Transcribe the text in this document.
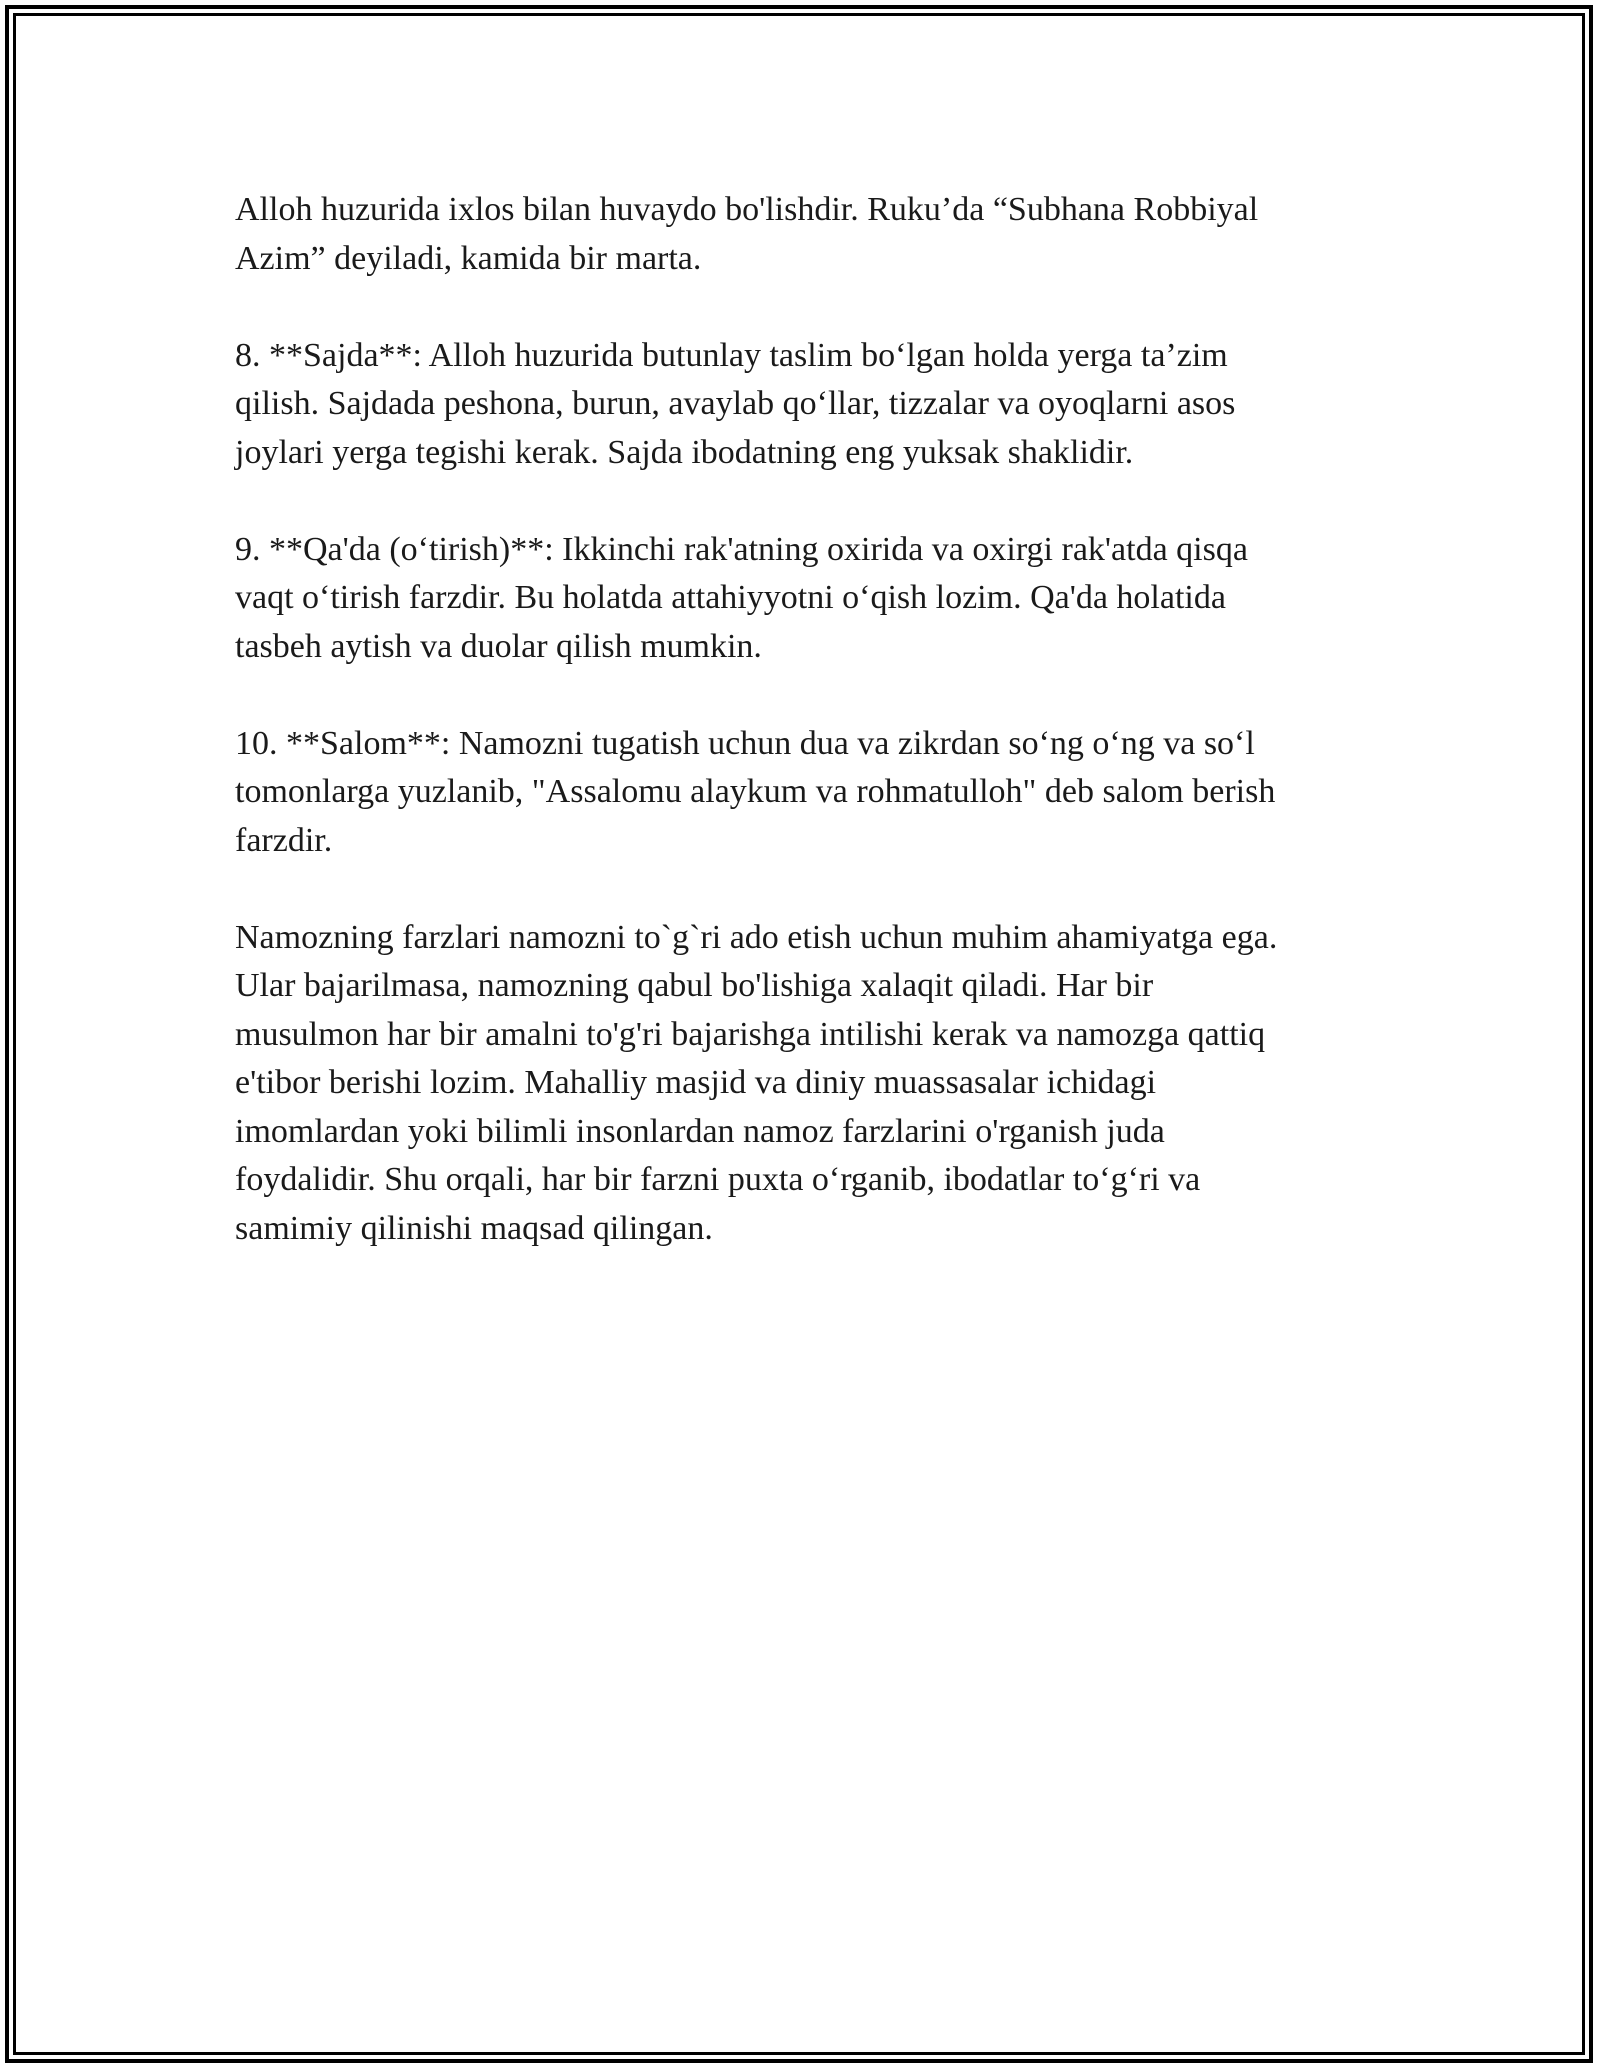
Alloh huzurida ixlos bilan huvaydo bo'lishdir. Ruku’da “Subhana Robbiyal
Azim” deyiladi, kamida bir marta.

8. **Sajda**: Alloh huzurida butunlay taslim bo‘lgan holda yerga ta’zim
qilish. Sajdada peshona, burun, avaylab qo‘llar, tizzalar va oyoqlarni asos
joylari yerga tegishi kerak. Sajda ibodatning eng yuksak shaklidir.

9. **Qa'da (o‘tirish)**: Ikkinchi rak'atning oxirida va oxirgi rak'atda qisqa
vaqt o‘tirish farzdir. Bu holatda attahiyyotni o‘qish lozim. Qa'da holatida
tasbeh aytish va duolar qilish mumkin.

10. **Salom**: Namozni tugatish uchun dua va zikrdan so‘ng o‘ng va so‘l
tomonlarga yuzlanib, "Assalomu alaykum va rohmatulloh" deb salom berish
farzdir.

Namozning farzlari namozni to`g`ri ado etish uchun muhim ahamiyatga ega.
Ular bajarilmasa, namozning qabul bo'lishiga xalaqit qiladi. Har bir
musulmon har bir amalni to'g'ri bajarishga intilishi kerak va namozga qattiq
e'tibor berishi lozim. Mahalliy masjid va diniy muassasalar ichidagi
imomlardan yoki bilimli insonlardan namoz farzlarini o'rganish juda
foydalidir. Shu orqali, har bir farzni puxta o‘rganib, ibodatlar to‘g‘ri va
samimiy qilinishi maqsad qilingan.
